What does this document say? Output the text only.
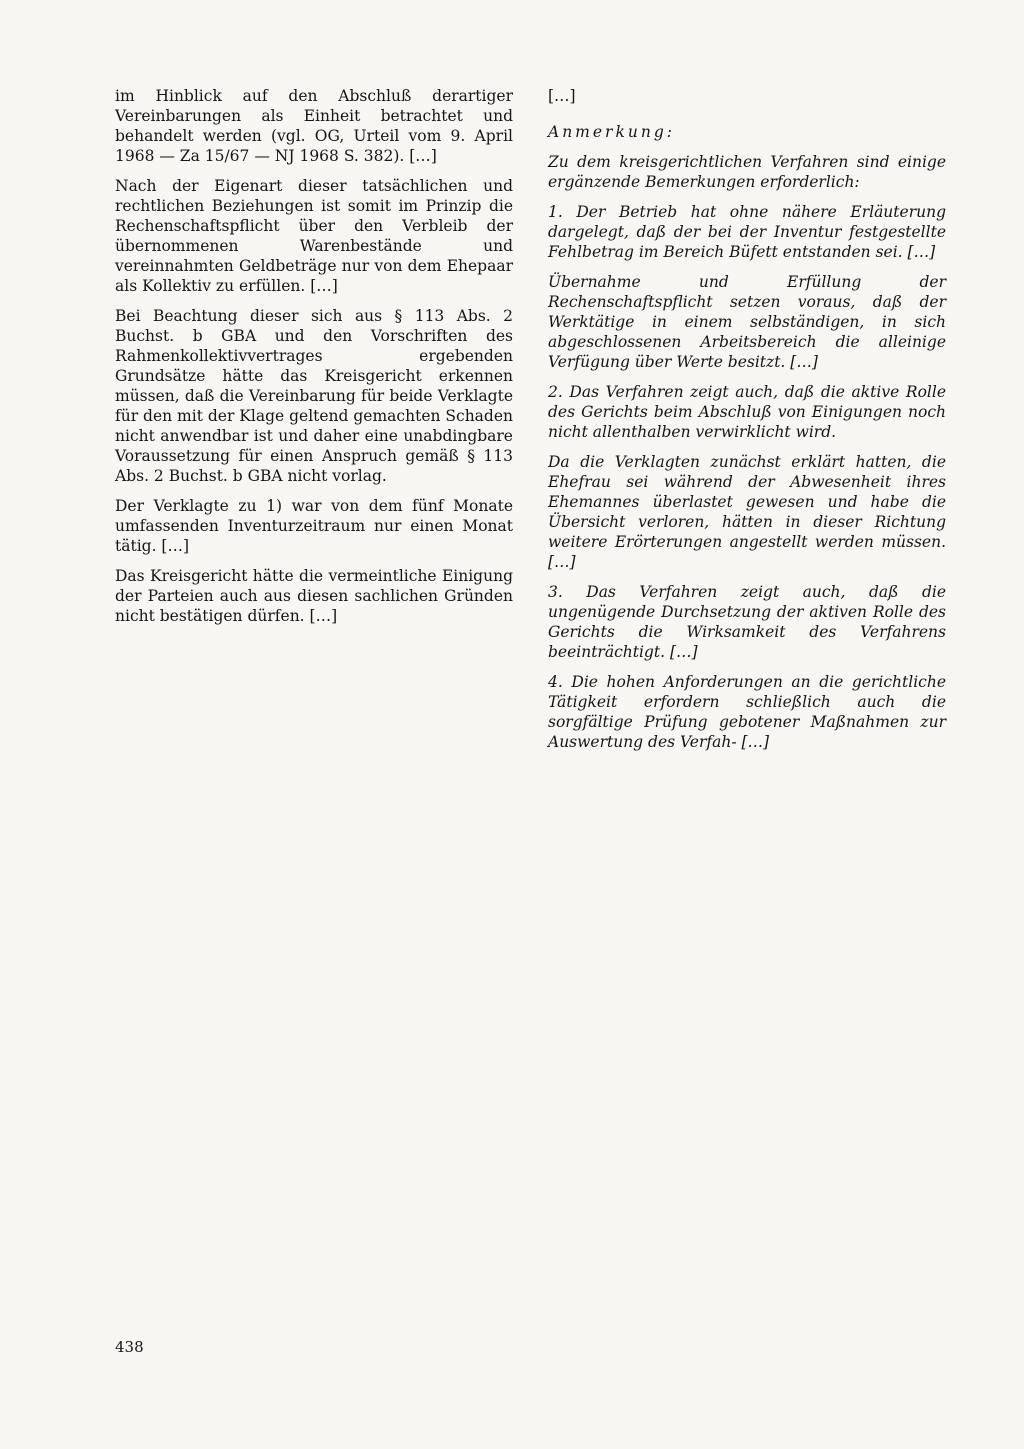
im Hinblick auf den Abschluß derartiger Vereinbarungen als Einheit betrachtet und behandelt werden (vgl. OG, Urteil vom 9. April 1968 — Za 15/67 — NJ 1968 S. 382). […]

Nach der Eigenart dieser tatsächlichen und rechtlichen Beziehungen ist somit im Prinzip die Rechenschaftspflicht über den Verbleib der übernommenen Warenbestände und vereinnahmten Geldbeträge nur von dem Ehepaar als Kollektiv zu erfüllen. […]

Bei Beachtung dieser sich aus § 113 Abs. 2 Buchst. b GBA und den Vorschriften des Rahmenkollektivvertrages ergebenden Grundsätze hätte das Kreisgericht erkennen müssen, daß die Vereinbarung für beide Verklagte für den mit der Klage geltend gemachten Schaden nicht anwendbar ist und daher eine unabdingbare Voraussetzung für einen Anspruch gemäß § 113 Abs. 2 Buchst. b GBA nicht vorlag.

Der Verklagte zu 1) war von dem fünf Monate umfassenden Inventurzeitraum nur einen Monat tätig. […]

Das Kreisgericht hätte die vermeintliche Einigung der Parteien auch aus diesen sachlichen Gründen nicht bestätigen dürfen. […]

[…]

Anmerkung:

Zu dem kreisgerichtlichen Verfahren sind einige ergänzende Bemerkungen erforderlich:

1. Der Betrieb hat ohne nähere Erläuterung dargelegt, daß der bei der Inventur festgestellte Fehlbetrag im Bereich Büfett entstanden sei. […]

Übernahme und Erfüllung der Rechenschaftspflicht setzen voraus, daß der Werktätige in einem selbständigen, in sich abgeschlossenen Arbeitsbereich die alleinige Verfügung über Werte besitzt. […]

2. Das Verfahren zeigt auch, daß die aktive Rolle des Gerichts beim Abschluß von Einigungen noch nicht allenthalben verwirklicht wird.

Da die Verklagten zunächst erklärt hatten, die Ehefrau sei während der Abwesenheit ihres Ehemannes überlastet gewesen und habe die Übersicht verloren, hätten in dieser Richtung weitere Erörterungen angestellt werden müssen. […]

3. Das Verfahren zeigt auch, daß die ungenügende Durchsetzung der aktiven Rolle des Gerichts die Wirksamkeit des Verfahrens beeinträchtigt. […]

4. Die hohen Anforderungen an die gerichtliche Tätigkeit erfordern schließlich auch die sorgfältige Prüfung gebotener Maßnahmen zur Auswertung des Verfah- […]

438
